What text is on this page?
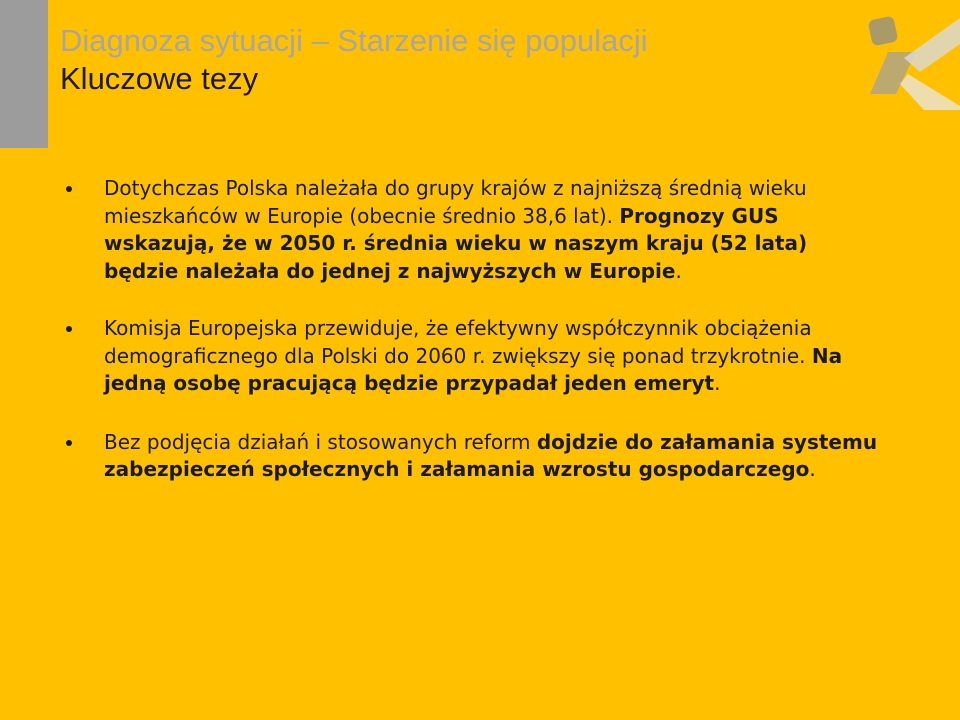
Diagnoza sytuacji – Starzenie się populacji
Kluczowe tezy
Dotychczas Polska należała do grupy krajów z najniższą średnią wieku mieszkańców w Europie (obecnie średnio 38,6 lat). Prognozy GUS wskazują, że w 2050 r. średnia wieku w naszym kraju (52 lata) będzie należała do jednej z najwyższych w Europie.
Komisja Europejska przewiduje, że efektywny współczynnik obciążenia demograficznego dla Polski do 2060 r. zwiększy się ponad trzykrotnie. Na jedną osobę pracującą będzie przypadał jeden emeryt.
Bez podjęcia działań i stosowanych reform dojdzie do załamania systemu zabezpieczeń społecznych i załamania wzrostu gospodarczego.
